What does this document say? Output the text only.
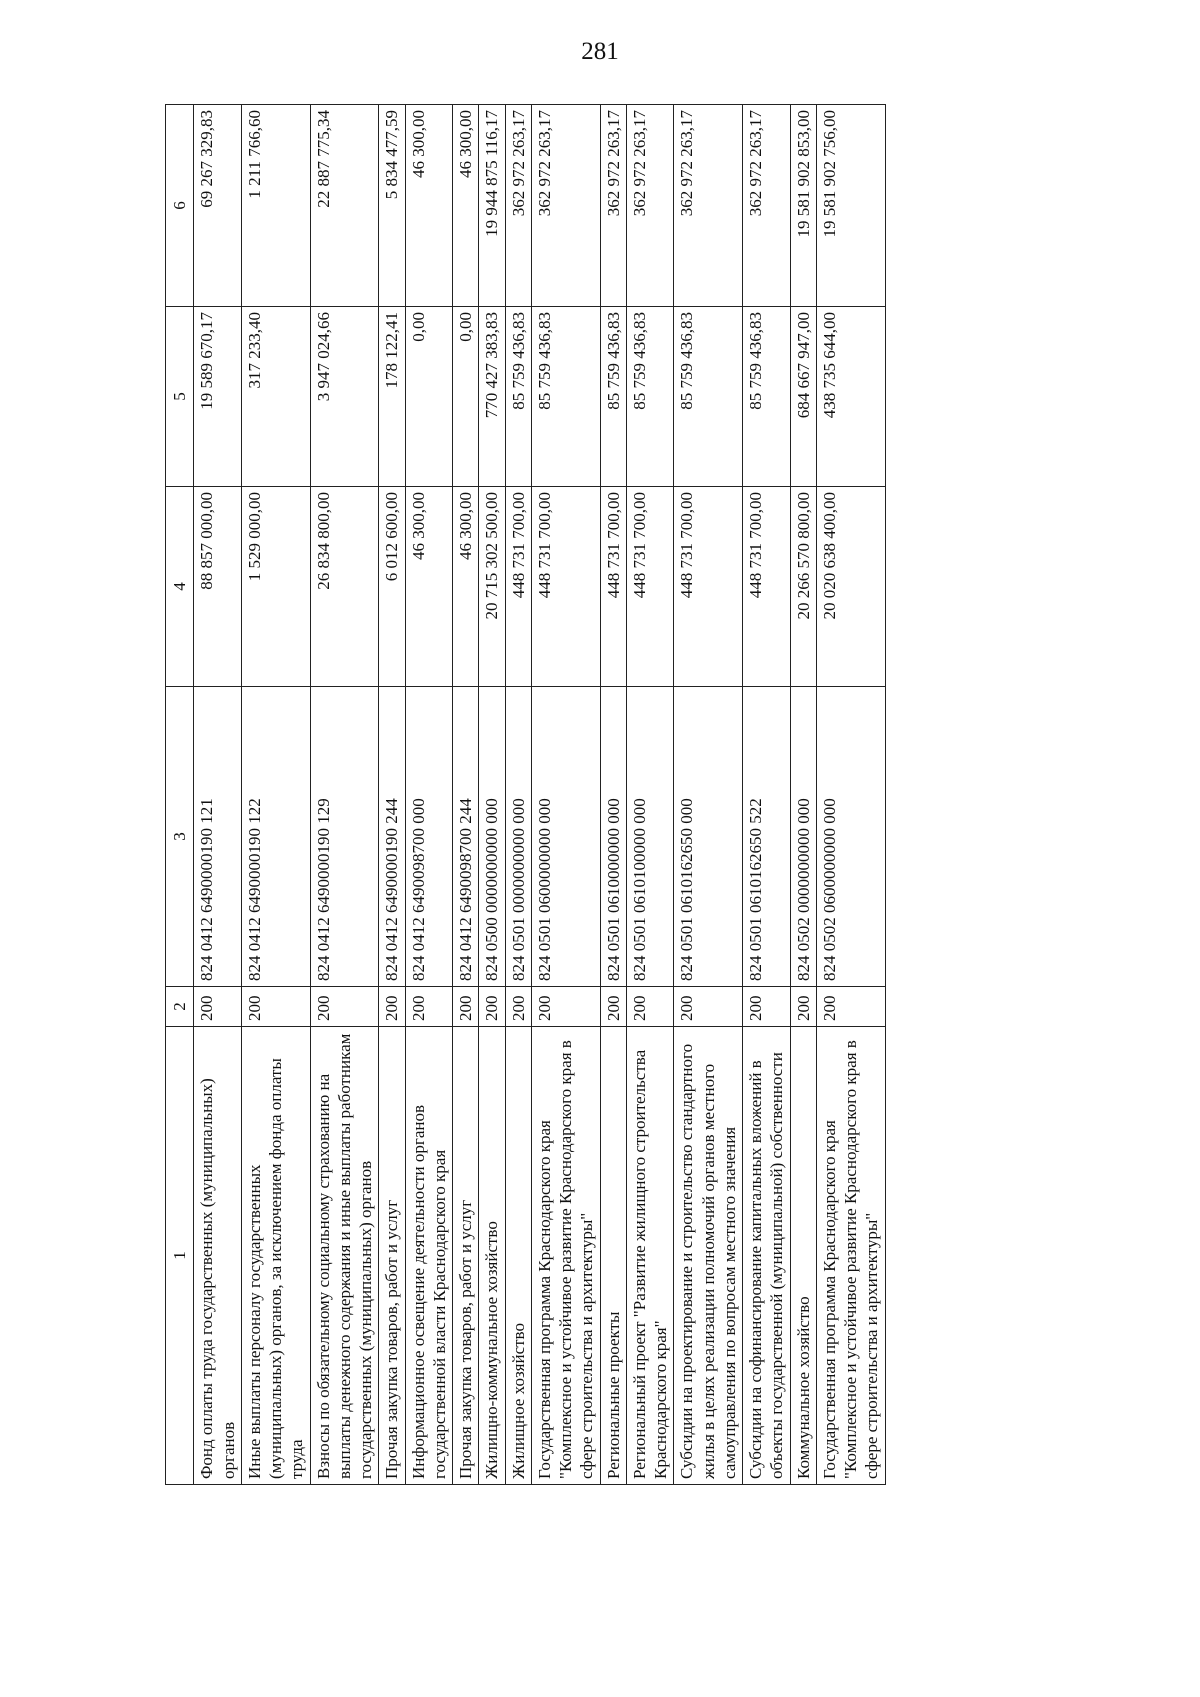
281
1	2	3	4	5	6
Фонд оплаты труда государственных (муниципальных) органов	200	824 0412 6490000190 121	88 857 000,00	19 589 670,17	69 267 329,83
Иные выплаты персоналу государственных (муниципальных) органов, за исключением фонда оплаты труда	200	824 0412 6490000190 122	1 529 000,00	317 233,40	1 211 766,60
Взносы по обязательному социальному страхованию на выплаты денежного содержания и иные выплаты работникам государственных (муниципальных) органов	200	824 0412 6490000190 129	26 834 800,00	3 947 024,66	22 887 775,34
Прочая закупка товаров, работ и услуг	200	824 0412 6490000190 244	6 012 600,00	178 122,41	5 834 477,59
Информационное освещение деятельности органов государственной власти Краснодарского края	200	824 0412 6490098700 000	46 300,00	0,00	46 300,00
Прочая закупка товаров, работ и услуг	200	824 0412 6490098700 244	46 300,00	0,00	46 300,00
Жилищно-коммунальное хозяйство	200	824 0500 0000000000 000	20 715 302 500,00	770 427 383,83	19 944 875 116,17
Жилищное хозяйство	200	824 0501 0000000000 000	448 731 700,00	85 759 436,83	362 972 263,17
Государственная программа Краснодарского края "Комплексное и устойчивое развитие Краснодарского края в сфере строительства и архитектуры"	200	824 0501 0600000000 000	448 731 700,00	85 759 436,83	362 972 263,17
Региональные проекты	200	824 0501 0610000000 000	448 731 700,00	85 759 436,83	362 972 263,17
Региональный проект "Развитие жилищного строительства Краснодарского края"	200	824 0501 0610100000 000	448 731 700,00	85 759 436,83	362 972 263,17
Субсидии на проектирование и строительство стандартного жилья в целях реализации полномочий органов местного самоуправления по вопросам местного значения	200	824 0501 0610162650 000	448 731 700,00	85 759 436,83	362 972 263,17
Субсидии на софинансирование капитальных вложений в объекты государственной (муниципальной) собственности	200	824 0501 0610162650 522	448 731 700,00	85 759 436,83	362 972 263,17
Коммунальное хозяйство	200	824 0502 0000000000 000	20 266 570 800,00	684 667 947,00	19 581 902 853,00
Государственная программа Краснодарского края "Комплексное и устойчивое развитие Краснодарского края в сфере строительства и архитектуры"	200	824 0502 0600000000 000	20 020 638 400,00	438 735 644,00	19 581 902 756,00
